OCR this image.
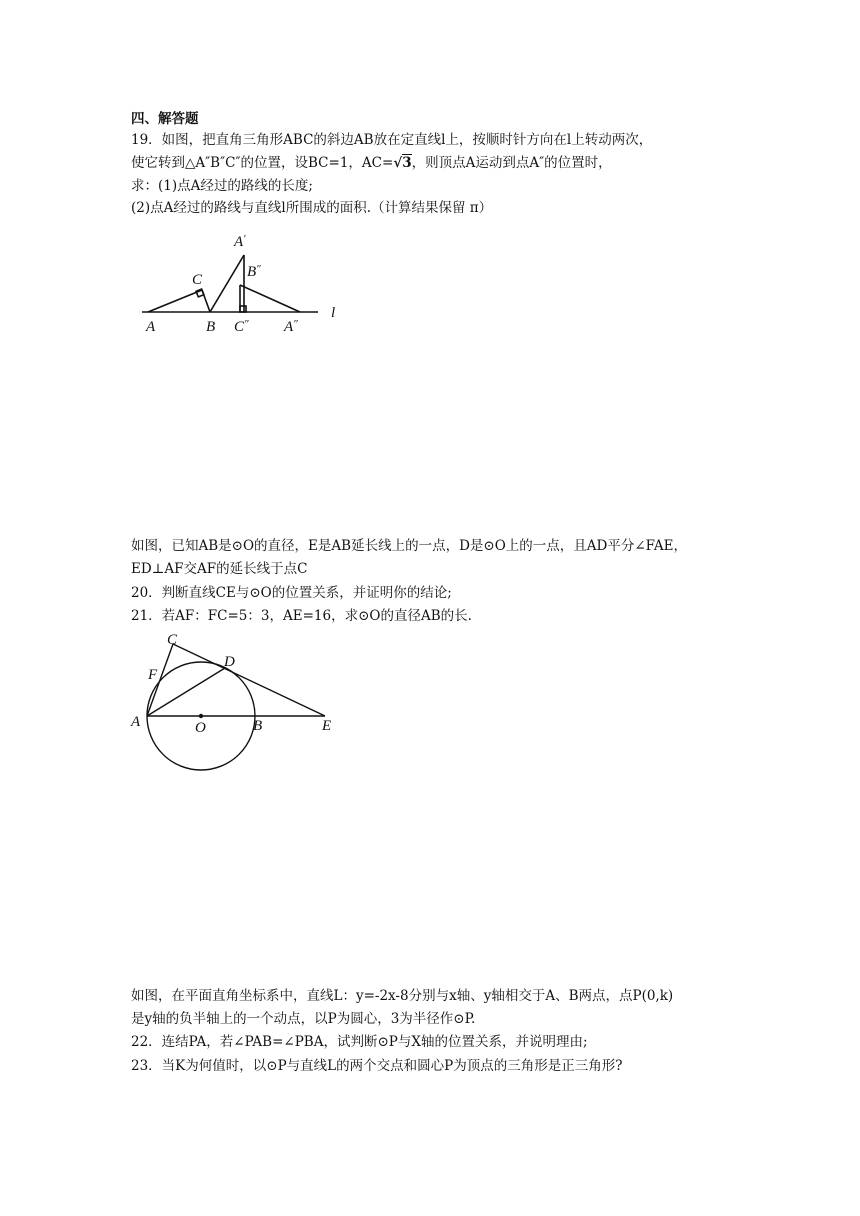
四、解答题
19．如图，把直角三角形ABC的斜边AB放在定直线l上，按顺时针方向在l上转动两次，
使它转到△A″B″C″的位置，设BC=1，AC=√3，则顶点A运动到点A″的位置时，
求：(1)点A经过的路线的长度;
(2)点A经过的路线与直线l所围成的面积.（计算结果保留 π）
A
C
B
A′
B″
C″ A″
l
如图，已知AB是⊙O的直径，E是AB延长线上的一点，D是⊙O上的一点，且AD平分∠FAE，
ED⊥AF交AF的延长线于点C
20．判断直线CE与⊙O的位置关系，并证明你的结论;
21．若AF：FC=5：3，AE=16，求⊙O的直径AB的长.
C
F
D
A	O	B	E
如图，在平面直角坐标系中，直线L：y=-2x-8分别与x轴、y轴相交于A、B两点，点P(0,k)
是y轴的负半轴上的一个动点，以P为圆心，3为半径作⊙P.
22．连结PA，若∠PAB=∠PBA，试判断⊙P与X轴的位置关系，并说明理由;
23．当K为何值时，以⊙P与直线L的两个交点和圆心P为顶点的三角形是正三角形?
